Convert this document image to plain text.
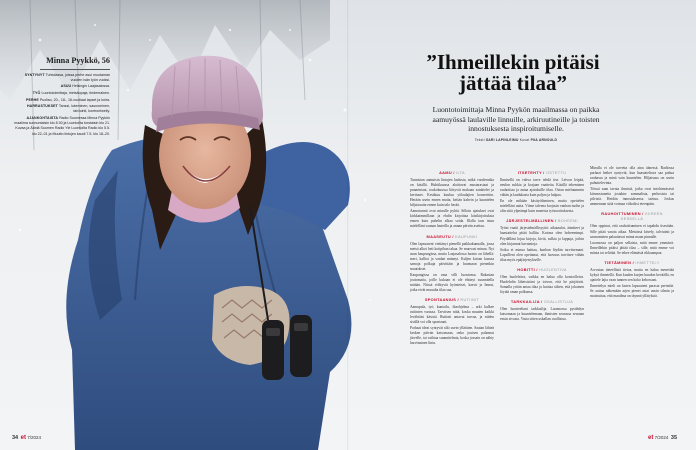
Minna Pyykkö, 56
SYNTYNYT Tuhtolassa, joissa perhe asui muutaman vuoden isän työn vuoksi.
ASUU Helsingin Laajasalossa.
TYÖ Luontotoimittaja, metsäopaja, tiedemainen.
PERHE Puoliso, 20-, 18-, 16-vuotiaat lapset ja koira.
HARRASTUKSET Tanssi, lukeminen, saunominen, talviuinti, kontrontwelly.
AJANKOHTAISTA Radio Suomessa Minna Pyykön maailma sunnuntaisin klo 8.30 ja Luontoilta torstaisin klo 21. Kuvaa ja Ääniä Suomen Radio Yle Luontoilta Radio klo 5.5. klo 22–01 ja Muutto lintujen kaudi 7.5. klo 18–20.
”Ihmeillekin pitäisi jättää tilaa”
Luontotoimittaja Minna Pyykön maailmassa on paikka aamuyössä laulaville linnuille, arkiruutineille ja toisten innostuksesta inspiroitumiselle.
Teksti SARI LAPINLEIMU Kuvat PIIA ARNOULD
AAMU / ILTA

Tunnistan aamuisin lintujen laulusta, mikä vuodenaika on käsillä. Huhtikuussa aloittavat mustarastaat ja punarintaat, toukokuussa liittyvät mukaan satakielet ja kerttuset. Kesäkuu kuuluu yölaulajien konserttiin. Herään usein ennen muita, keitän kahvin ja kuuntelen hiljaisuutta ennen kuin talo herää.

Aamutunnit ovat minulle pyhiä. Silloin ajatukset ovat kirkkaimmillaan ja ehdin kirjoittaa käsikirjoituksia ennen kuin puhelin alkaa soida. Illalla taas istun mielelläni saunan lauteilla ja annan päivän asettua.

MAASEUTU / KAUPUNKI

Olen lapsuuteni viettänyt pienellä paikkakunnalla, jossa metsä alkoi heti kotipihan takaa. Se muovasi minua. Nyt asun kaupungissa, mutta Laajasalossa luonto on lähellä: meri, kalliot ja vanhat männyt. Kuljen koiran kanssa samoja polkuja päivittäin ja huomaan pienetkin muutokset.

Kaupungissa on oma villi luontonsa. Rakastan joutomaita, joille kukaan ei ole ehtinyt suunnitella mitään. Niissä viihtyvät hyönteiset, kasvit ja linnut, jotka eivät muualta tilaa saa.

SPONTAANIUS / RUTIINIT

Aamupala, työ, kuntoilu, iltaohjelma – arki kulkee rutiinien varassa. Tarvitsen niitä, koska muuten kaikki levähtäisi käsistä. Rutiinit antavat turvaa, ja niiden sisällä voi olla spontaani.

Parhaat ideat syntyvät silti usein yllättäen. Saatan lähteä kesken päivän katsomaan, onko joutsen palannut järvelle, tai vaihtaa suunnitelmia, koska jossain on nähty harvinainen lintu.

ITSETEHTY / OSTETTU

Ihmisellä on vahva tarve tehdä itse. Leivon leipää, neulon sukkia ja korjaan vaatteita. Käsillä tekeminen rauhoittaa ja antaa ajatuksille tilaa. Ostan mieluummin vähän ja laadukasta kuin paljon ja halpaa.

En ole mikään käsityöihminen, mutta opettelen mielelläni uutta. Viime talvena korjasin vanhan tuolin ja olin siitä ylpeämpi kuin monesta työsuorituksesta.

JÄRJESTELMÄLLINEN / BOHEEMI

Työni vaatii järjestelmällisyyttä: aikataulut, äänitteet ja haastattelut pitää hallita. Kotona olen boheemimpi. Pöydälläni lojuu kirjoja, kiviä, sulkia ja lappuja, joihin olen kirjannut havaintoja.

Sotku ei minua haittaa, kunhan löydän tarvitsemani. Lapsilleni olen opettanut, että luovuus tarvitsee vähän tilaa myös epäjärjestykselle.

HOBITTI / HUOLENTIVA

Olen huolehtiva, vaikka en halua olla kontrolloiva. Huolehdin läheisistäni ja toivon, että he pärjäävät. Samalla yritän antaa tilaa ja luottaa siihen, että jokainen löytää oman polkunsa.

TARKKAILIJA / OSALLISTUJA

Olen luonteeltani tarkkailija. Luonnossa pysähdyn katsomaan ja kuuntelemaan, ihmisten seurassa seuraan ensin sivusta. Vasta sitten uskallan osallistua.

Minulla ei ole tarvetta olla aina äänessä. Radiossa parhaat hetket syntyvät, kun haastateltava saa puhua rauhassa ja minä vain kuuntelen. Hiljaisuus on usein puhuttelevinta.

Töissä saan tavata ihmisiä, jotka ovat intohimoisesti kiinnostuneita jostakin: sammalista, perhosista tai pilvistä. Heidän innostuksensa tarttuu. Joskus ammennan siitä voimaa viikoiksi eteenpäin.

RAUHOITTUMINEN / KIIREEN KESKELLÄ

Olen oppinut, että rauhoittuminen ei tapahdu itsestään. Sille pitää varata aikaa. Metsässä kävely, talviuinti ja saunominen palauttavat minut maan pinnalle.

Luonnossa on paljon sellaista, mitä emme ymmärrä. Ihmeillekin pitäisi jättää tilaa – sille, mitä emme voi mitata tai selittää. Se tekee elämästä rikkaampaa.

TIETÄMINEN / IHMETTELY

Arvostan tieteellistä tietoa, mutta en halua menettää kykyä ihmetellä. Kun kuulen kurjen huudon keväällä, en ajattele lajia vaan tunnen sen koko kehossani.

Ihmettelyn mieli on lasten lapsuuteni parasta perintöä. Se auttaa näkemään arjen pienet asiat uusin silmin ja muistuttaa, että maailma on täynnä yllätyksiä.

34 et 7/2024	et 7/2024 35
